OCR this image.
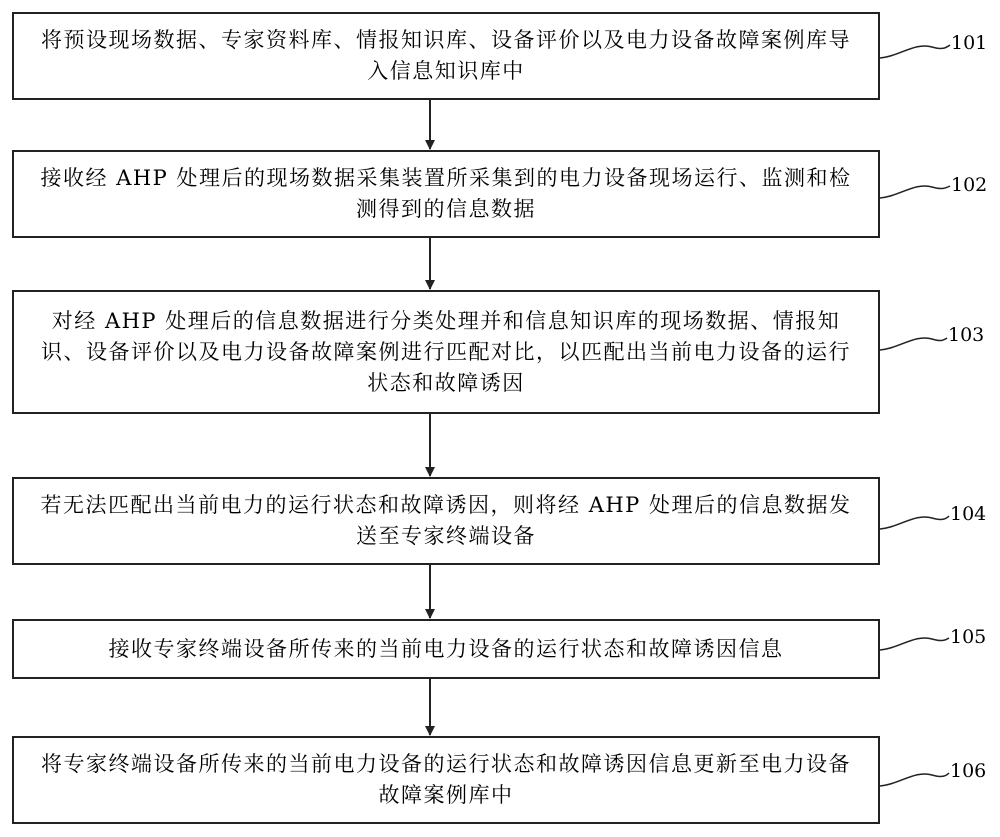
将预设现场数据、专家资料库、情报知识库、设备评价以及电力设备故障案例库导入信息知识库中
接收经 AHP 处理后的现场数据采集装置所采集到的电力设备现场运行、监测和检测得到的信息数据
对经 AHP 处理后的信息数据进行分类处理并和信息知识库的现场数据、情报知识、设备评价以及电力设备故障案例进行匹配对比，以匹配出当前电力设备的运行状态和故障诱因
若无法匹配出当前电力的运行状态和故障诱因，则将经 AHP 处理后的信息数据发送至专家终端设备
接收专家终端设备所传来的当前电力设备的运行状态和故障诱因信息
将专家终端设备所传来的当前电力设备的运行状态和故障诱因信息更新至电力设备故障案例库中
101
102
103
104
105
106
